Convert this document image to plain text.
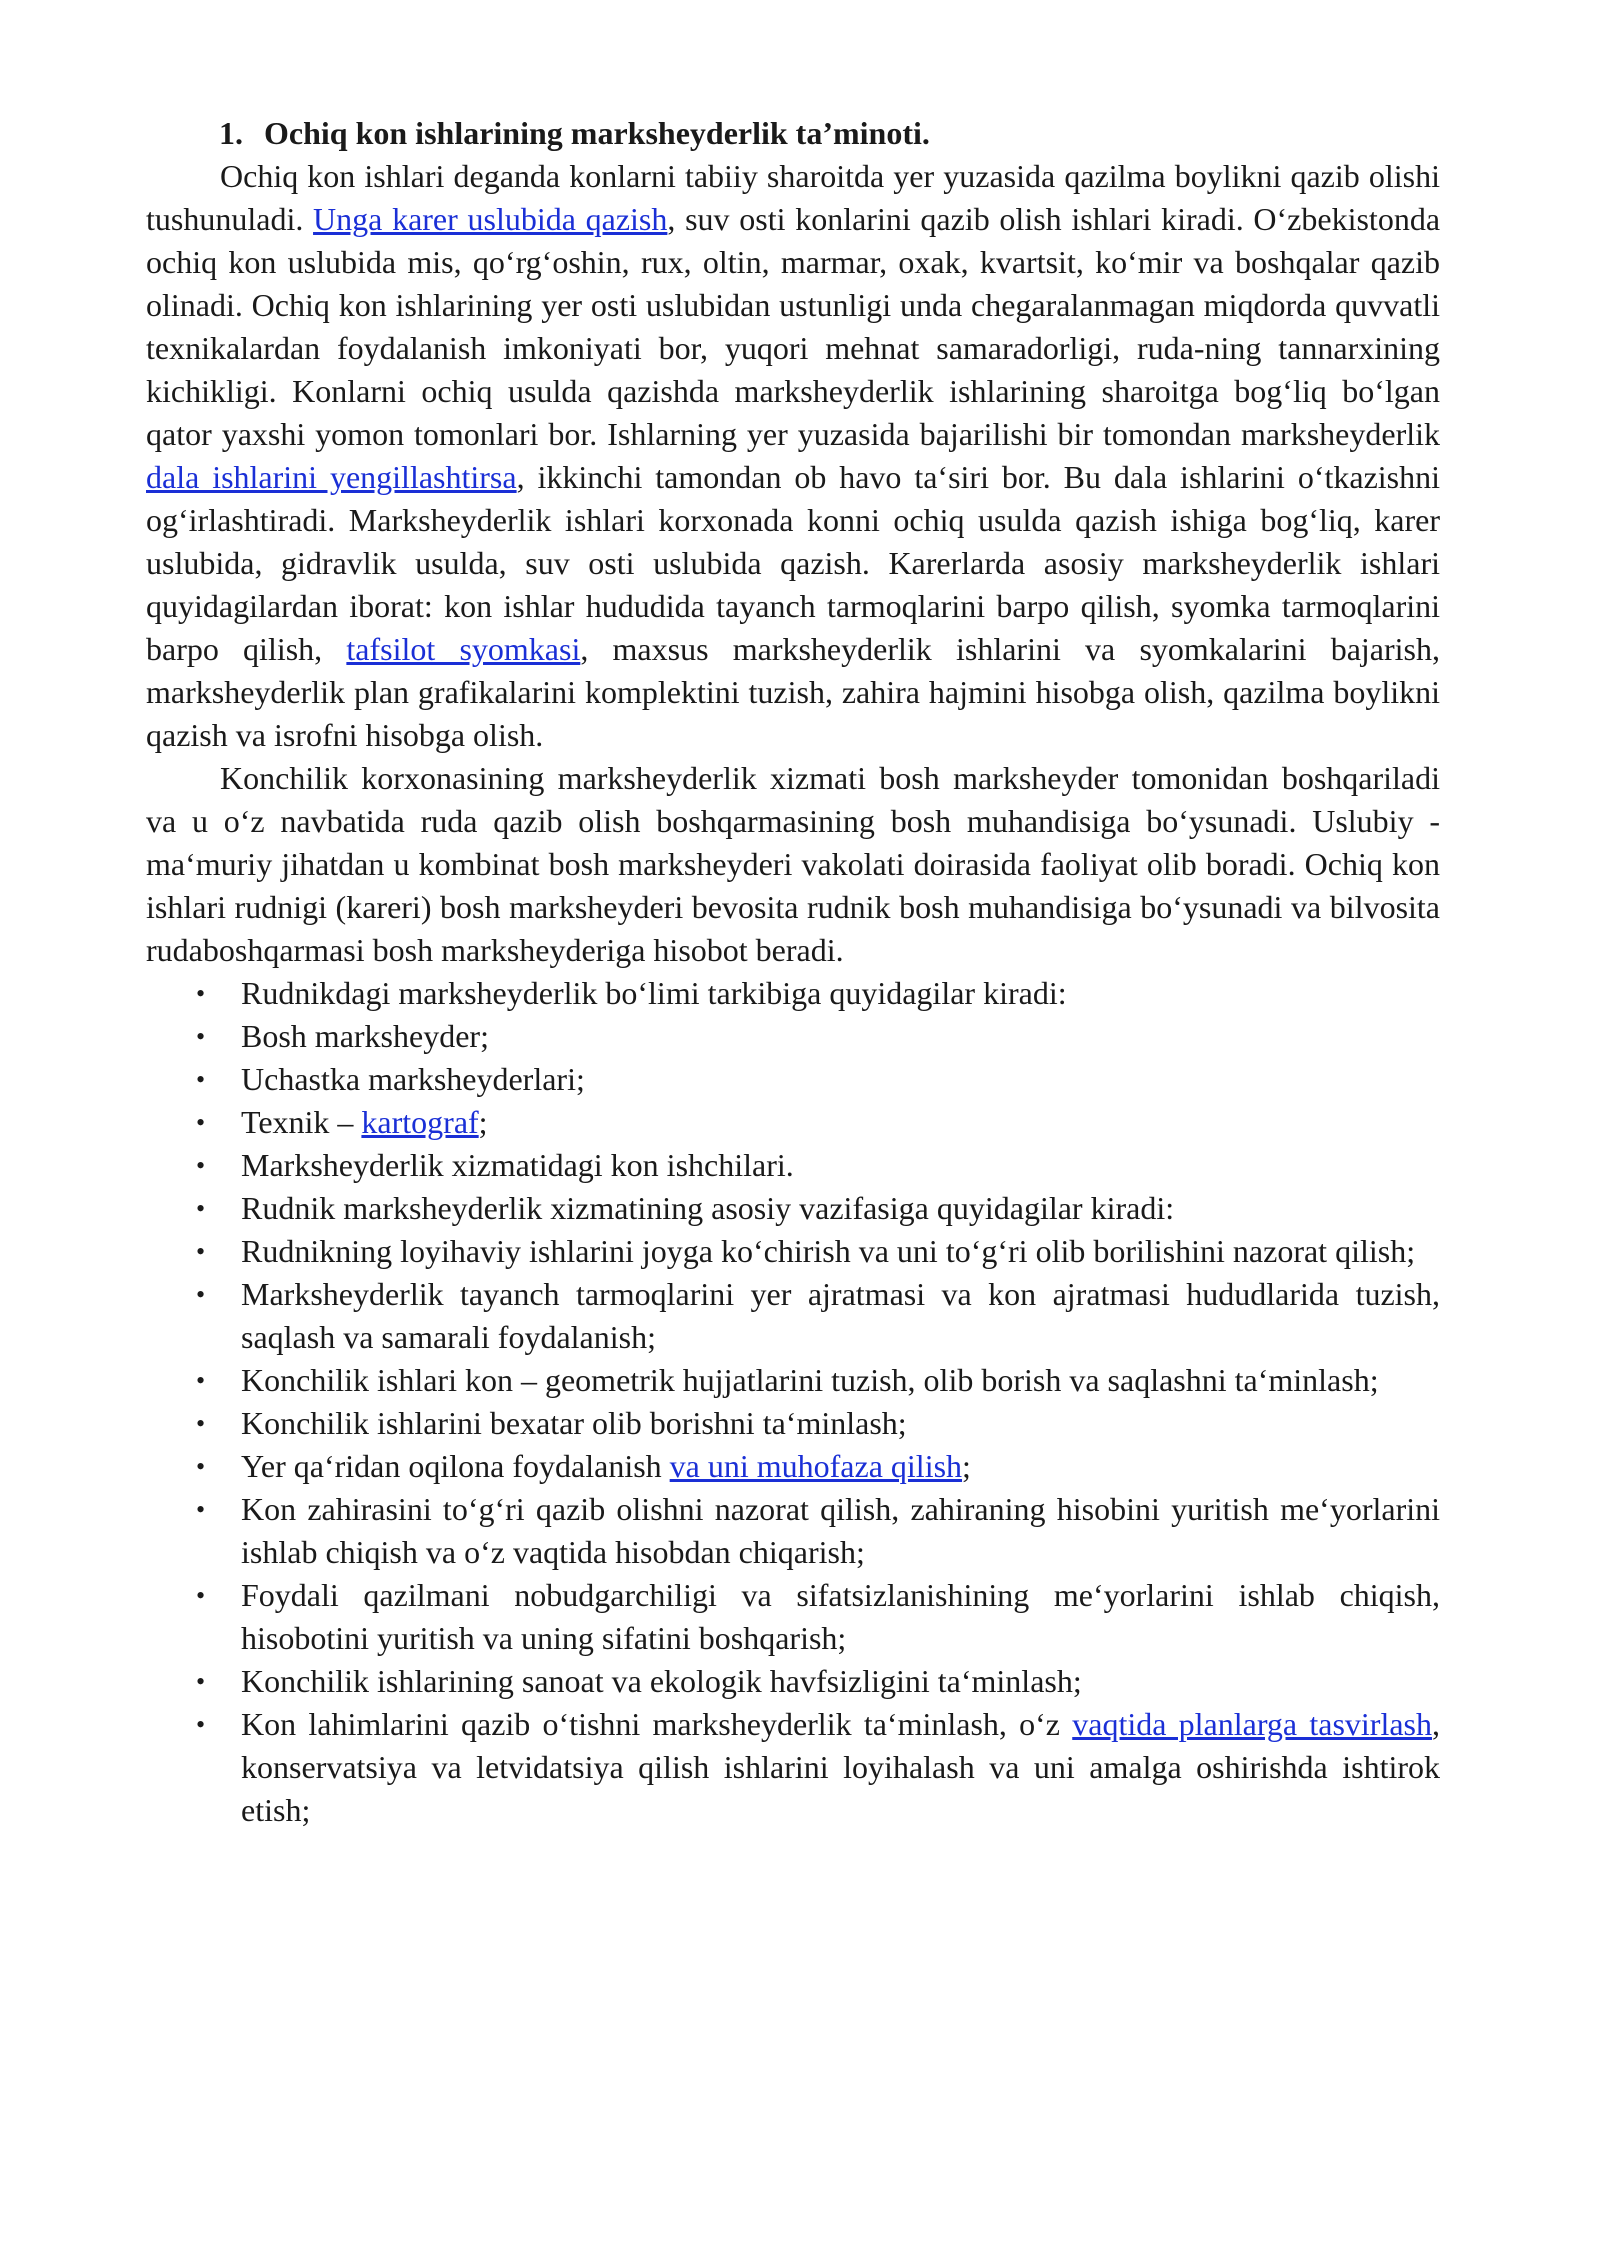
1. Ochiq kon ishlarining marksheyderlik ta’minoti.

Ochiq kon ishlari deganda konlarni tabiiy sharoitda yer yuzasida qazilma boylikni qazib olishi tushunuladi. Unga karer uslubida qazish, suv osti konlarini qazib olish ishlari kiradi. O‘zbekistonda ochiq kon uslubida mis, qo‘rg‘oshin, rux, oltin, marmar, oxak, kvartsit, ko‘mir va boshqalar qazib olinadi. Ochiq kon ishlarining yer osti uslubidan ustunligi unda chegaralanmagan miqdorda quvvatli texnikalardan foydalanish imkoniyati bor, yuqori mehnat samaradorligi, ruda-ning tannarxining kichikligi. Konlarni ochiq usulda qazishda marksheyderlik ishlarining sharoitga bog‘liq bo‘lgan qator yaxshi yomon tomonlari bor. Ishlarning yer yuzasida bajarilishi bir tomondan marksheyderlik dala ishlarini yengillashtirsa, ikkinchi tamondan ob havo ta‘siri bor. Bu dala ishlarini o‘tkazishni og‘irlashtiradi. Marksheyderlik ishlari korxonada konni ochiq usulda qazish ishiga bog‘liq, karer uslubida, gidravlik usulda, suv osti uslubida qazish. Karerlarda asosiy marksheyderlik ishlari quyidagilardan iborat: kon ishlar hududida tayanch tarmoqlarini barpo qilish, syomka tarmoqlarini barpo qilish, tafsilot syomkasi, maxsus marksheyderlik ishlarini va syomkalarini bajarish, marksheyderlik plan grafikalarini komplektini tuzish, zahira hajmini hisobga olish, qazilma boylikni qazish va isrofni hisobga olish.

Konchilik korxonasining marksheyderlik xizmati bosh marksheyder tomonidan boshqariladi va u o‘z navbatida ruda qazib olish boshqarmasining bosh muhandisiga bo‘ysunadi. Uslubiy - ma‘muriy jihatdan u kombinat bosh marksheyderi vakolati doirasida faoliyat olib boradi. Ochiq kon ishlari rudnigi (kareri) bosh marksheyderi bevosita rudnik bosh muhandisiga bo‘ysunadi va bilvosita rudaboshqarmasi bosh marksheyderiga hisobot beradi.

• Rudnikdagi marksheyderlik bo‘limi tarkibiga quyidagilar kiradi:
• Bosh marksheyder;
• Uchastka marksheyderlari;
• Texnik – kartograf;
• Marksheyderlik xizmatidagi kon ishchilari.
• Rudnik marksheyderlik xizmatining asosiy vazifasiga quyidagilar kiradi:
• Rudnikning loyihaviy ishlarini joyga ko‘chirish va uni to‘g‘ri olib borilishini nazorat qilish;
• Marksheyderlik tayanch tarmoqlarini yer ajratmasi va kon ajratmasi hududlarida tuzish, saqlash va samarali foydalanish;
• Konchilik ishlari kon – geometrik hujjatlarini tuzish, olib borish va saqlashni ta‘minlash;
• Konchilik ishlarini bexatar olib borishni ta‘minlash;
• Yer qa‘ridan oqilona foydalanish va uni muhofaza qilish;
• Kon zahirasini to‘g‘ri qazib olishni nazorat qilish, zahiraning hisobini yuritish me‘yorlarini ishlab chiqish va o‘z vaqtida hisobdan chiqarish;
• Foydali qazilmani nobudgarchiligi va sifatsizlanishining me‘yorlarini ishlab chiqish, hisobotini yuritish va uning sifatini boshqarish;
• Konchilik ishlarining sanoat va ekologik havfsizligini ta‘minlash;
• Kon lahimlarini qazib o‘tishni marksheyderlik ta‘minlash, o‘z vaqtida planlarga tasvirlash, konservatsiya va letvidatsiya qilish ishlarini loyihalash va uni amalga oshirishda ishtirok etish;
